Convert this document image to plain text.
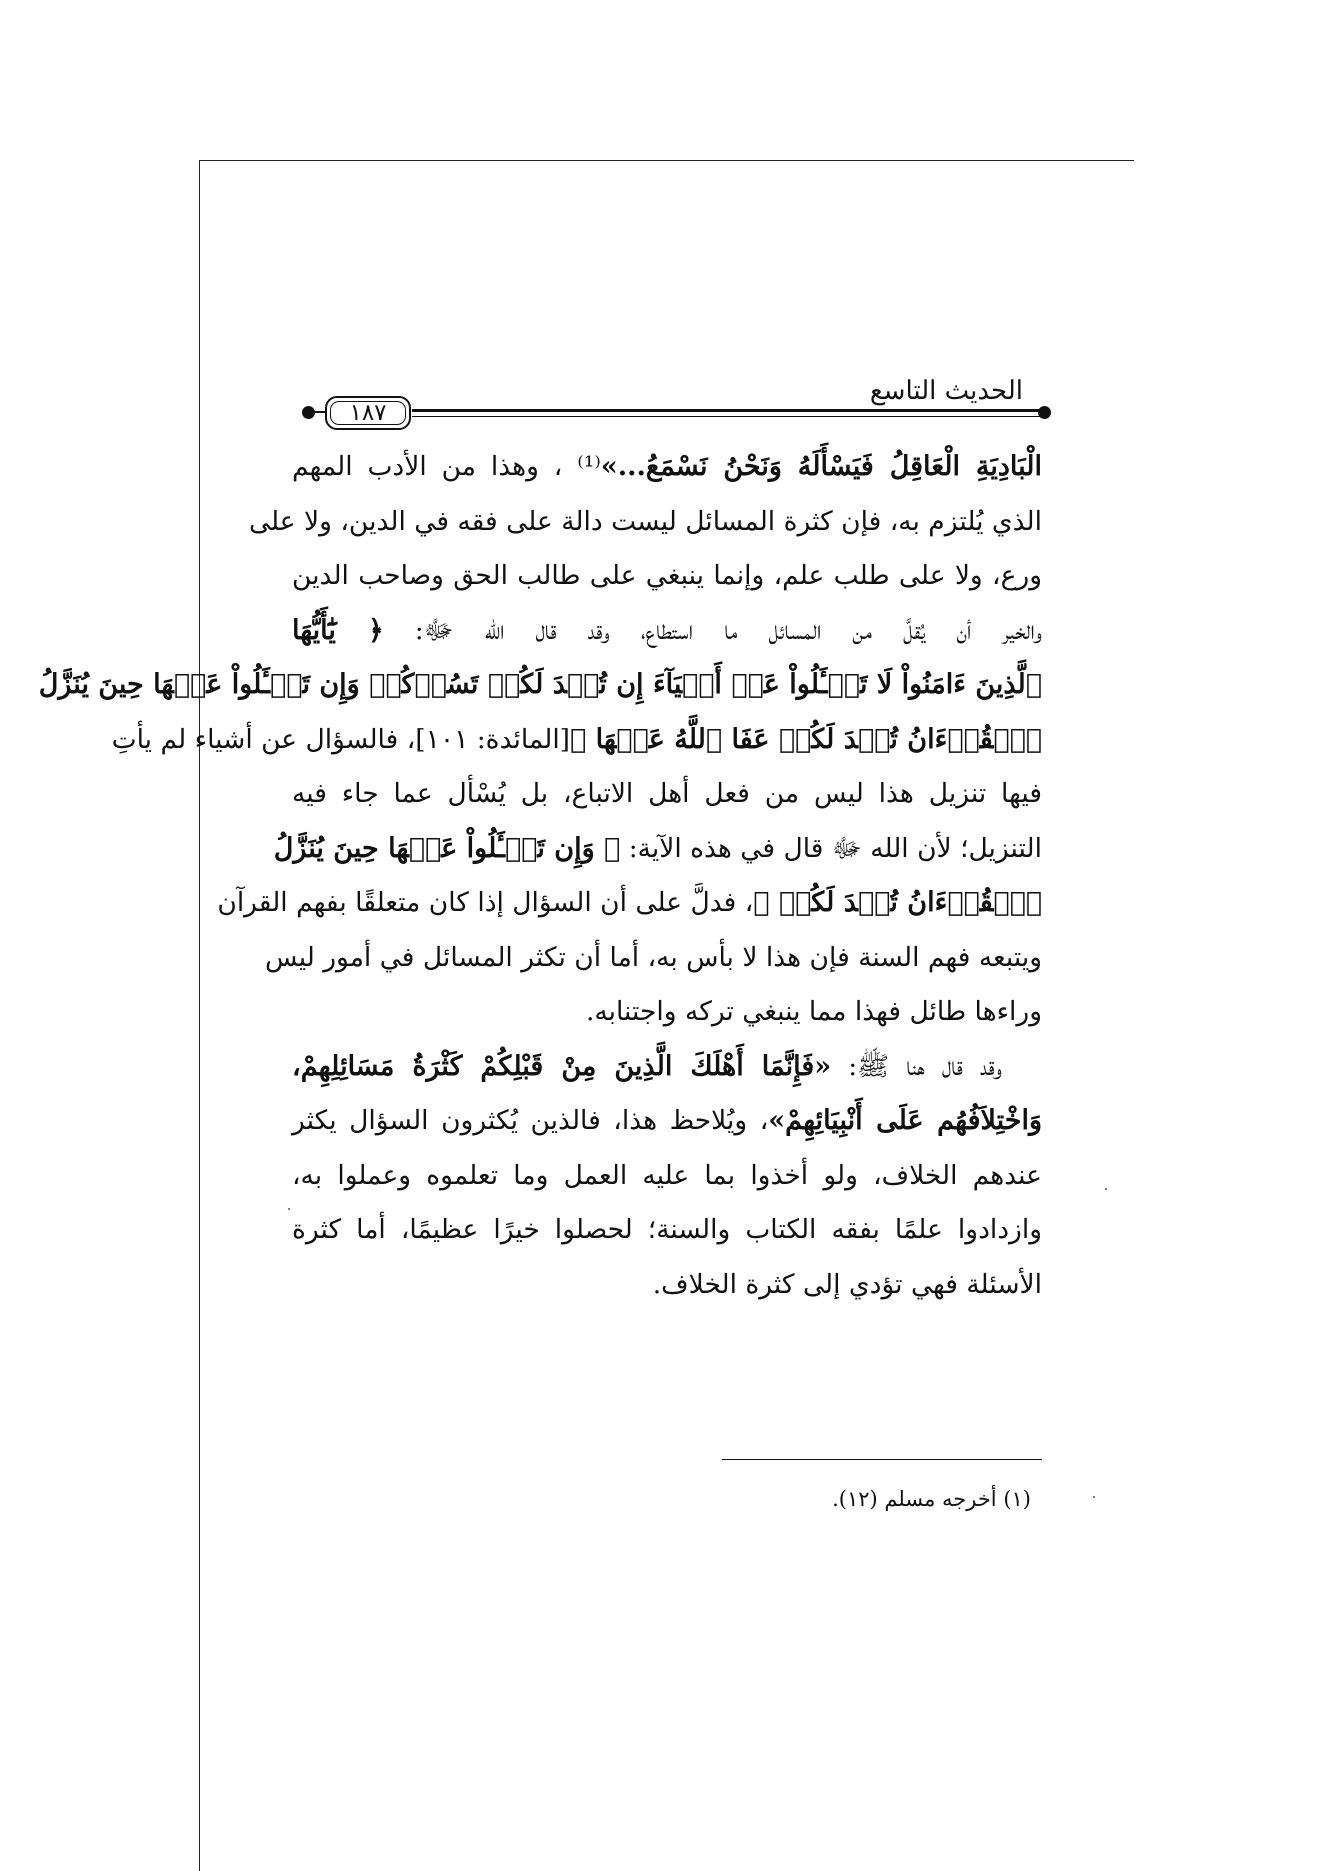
الحديث التاسع
١٨٧
الْبَادِيَةِ الْعَاقِلُ فَيَسْأَلَهُ وَنَحْنُ نَسْمَعُ...»⁽¹⁾ ، وهذا من الأدب المهم
الذي يُلتزم به، فإن كثرة المسائل ليست دالة على فقه في الدين، ولا على
ورع، ولا على طلب علم، وإنما ينبغي على طالب الحق وصاحب الدين
والخير أن يُقلَّ من المسائل ما استطاع، وقد قال الله ﷻ: ﴿ يَٰٓأَيُّهَا
ٱلَّذِينَ ءَامَنُواْ لَا تَسۡـَٔلُواْ عَنۡ أَشۡيَآءَ إِن تُبۡدَ لَكُمۡ تَسُؤۡكُمۡ وَإِن تَسۡـَٔلُواْ عَنۡهَا حِينَ يُنَزَّلُ
ٱلۡقُرۡءَانُ تُبۡدَ لَكُمۡ عَفَا ٱللَّهُ عَنۡهَا ﴾[المائدة: ١٠١]، فالسؤال عن أشياء لم يأتِ
فيها تنزيل هذا ليس من فعل أهل الاتباع، بل يُسْأل عما جاء فيه
التنزيل؛ لأن الله ﷻ قال في هذه الآية: ﴿ وَإِن تَسۡـَٔلُواْ عَنۡهَا حِينَ يُنَزَّلُ
ٱلۡقُرۡءَانُ تُبۡدَ لَكُمۡ ﴾، فدلَّ على أن السؤال إذا كان متعلقًا بفهم القرآن
ويتبعه فهم السنة فإن هذا لا بأس به، أما أن تكثر المسائل في أمور ليس
وراءها طائل فهذا مما ينبغي تركه واجتنابه.
وقد قال هنا ﷺ: «فَإِنَّمَا أَهْلَكَ الَّذِينَ مِنْ قَبْلِكُمْ كَثْرَةُ مَسَائِلِهِمْ،
وَاخْتِلاَفُهُم عَلَى أَنْبِيَائِهِمْ»، ويُلاحظ هذا، فالذين يُكثرون السؤال يكثر
عندهم الخلاف، ولو أخذوا بما عليه العمل وما تعلموه وعملوا به،
وازدادوا علمًا بفقه الكتاب والسنة؛ لحصلوا خيرًا عظيمًا، أما كثرة
الأسئلة فهي تؤدي إلى كثرة الخلاف.
(١) أخرجه مسلم (١٢).
